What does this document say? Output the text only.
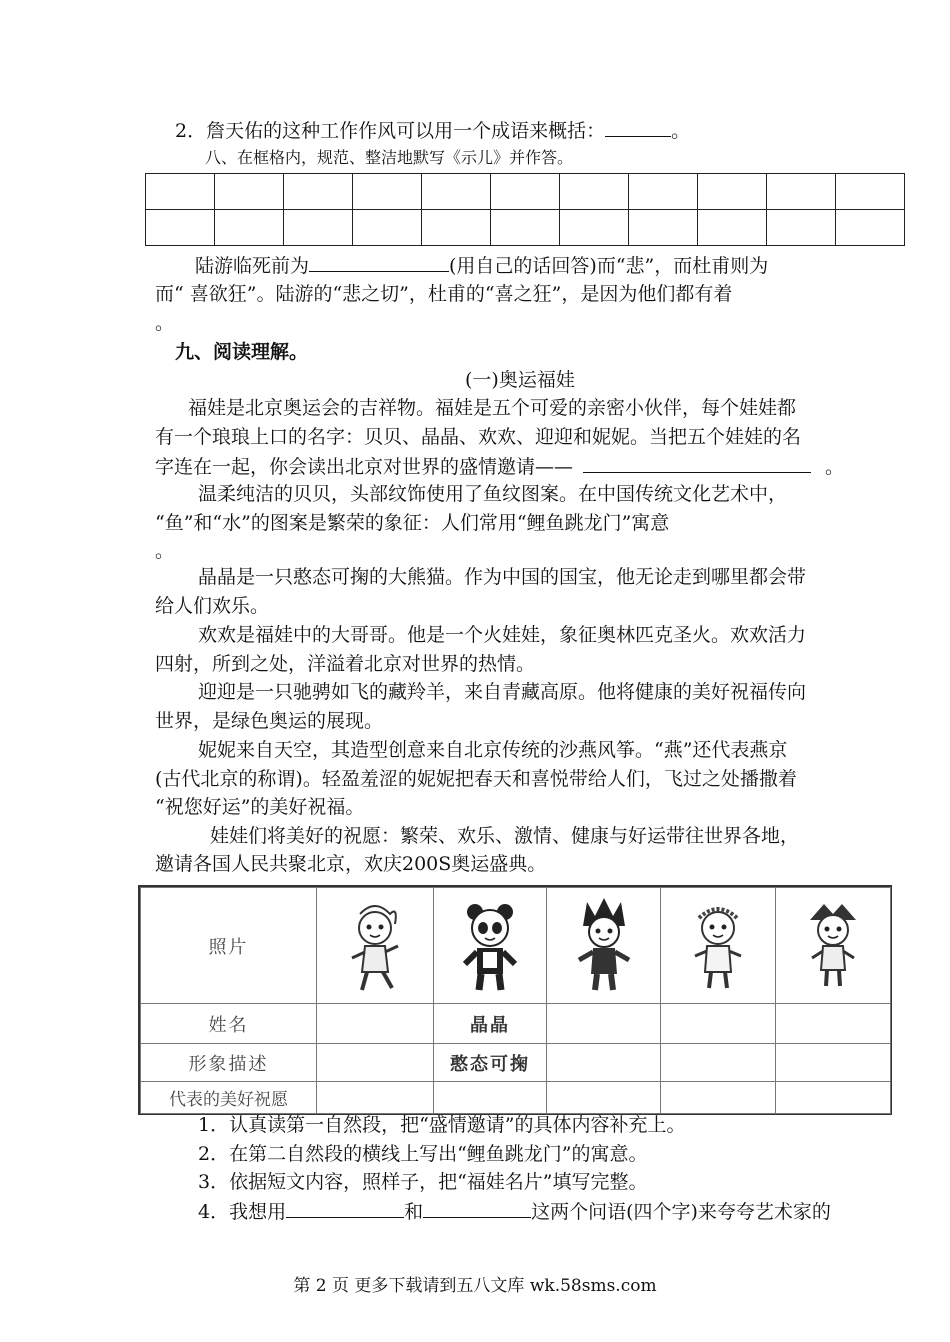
2．詹天佑的这种工作作风可以用一个成语来概括：	。
八、在框格内，规范、整洁地默写《示儿》并作答。

陆游临死前为	(用自己的话回答)而“悲”，而杜甫则为
而“ 喜欲狂”。陆游的“悲之切”，杜甫的“喜之狂”，是因为他们都有着
。
九、阅读理解。
(一)奥运福娃
福娃是北京奥运会的吉祥物。福娃是五个可爱的亲密小伙伴，每个娃娃都
有一个琅琅上口的名字：贝贝、晶晶、欢欢、迎迎和妮妮。当把五个娃娃的名
字连在一起，你会读出北京对世界的盛情邀请——	。
温柔纯洁的贝贝，头部纹饰使用了鱼纹图案。在中国传统文化艺术中，
“鱼”和“水”的图案是繁荣的象征：人们常用“鲤鱼跳龙门”寓意
。
晶晶是一只憨态可掬的大熊猫。作为中国的国宝，他无论走到哪里都会带
给人们欢乐。
欢欢是福娃中的大哥哥。他是一个火娃娃，象征奥林匹克圣火。欢欢活力
四射，所到之处，洋溢着北京对世界的热情。
迎迎是一只驰骋如飞的藏羚羊，来自青藏高原。他将健康的美好祝福传向
世界，是绿色奥运的展现。
妮妮来自天空，其造型创意来自北京传统的沙燕风筝。“燕”还代表燕京
(古代北京的称谓)。轻盈羞涩的妮妮把春天和喜悦带给人们，飞过之处播撒着
“祝您好运”的美好祝福。
娃娃们将美好的祝愿：繁荣、欢乐、激情、健康与好运带往世界各地，
邀请各国人民共聚北京，欢庆200S奥运盛典。
照片	

姓名		晶晶			
形象描述		憨态可掬			
代表的美好祝愿					
1．认真读第一自然段，把“盛情邀请”的具体内容补充上。
2．在第二自然段的横线上写出“鲤鱼跳龙门”的寓意。
3．依据短文内容，照样子，把“福娃名片”填写完整。
4．我想用	和	这两个问语(四个字)来夸夸艺术家的
第 2 页 更多下载请到五八文库 wk.58sms.com
